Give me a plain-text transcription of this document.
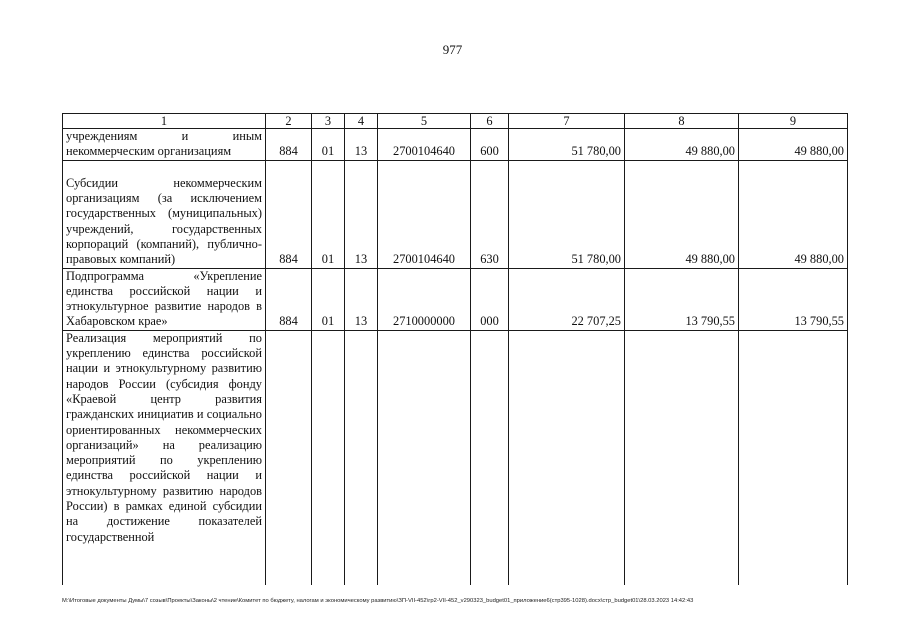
977
1	2	3	4	5	6	7	8	9
учреждениям и иным некоммерческим организациям	884	01	13	2700104640	600	51 780,00	49 880,00	49 880,00
Субсидии некоммерческим организациям (за исключением государственных (муниципальных) учреждений, государственных корпораций (компаний), публично-правовых компаний)	884	01	13	2700104640	630	51 780,00	49 880,00	49 880,00
Подпрограмма «Укрепление единства российской нации и этнокультурное развитие народов в Хабаровском крае»	884	01	13	2710000000	000	22 707,25	13 790,55	13 790,55
Реализация мероприятий по укреплению единства российской нации и этнокультурному развитию народов России (субсидия фонду «Краевой центр развития гражданских инициатив и социально ориентированных некоммерческих организаций» на реализацию мероприятий по укреплению единства российской нации и этнокультурному развитию народов России) в рамках единой субсидии на достижение показателей государственной								
M:\Итоговые документы Думы\7 созыв\Проекты\Законы\2 чтение\Комитет по бюджету, налогам и экономическому развитию\ЗП-VII-452\гр2-VII-452_v290323_budget01_приложение6(стр395-1028).docx\стр_budget01\28.03.2023 14:42:43
